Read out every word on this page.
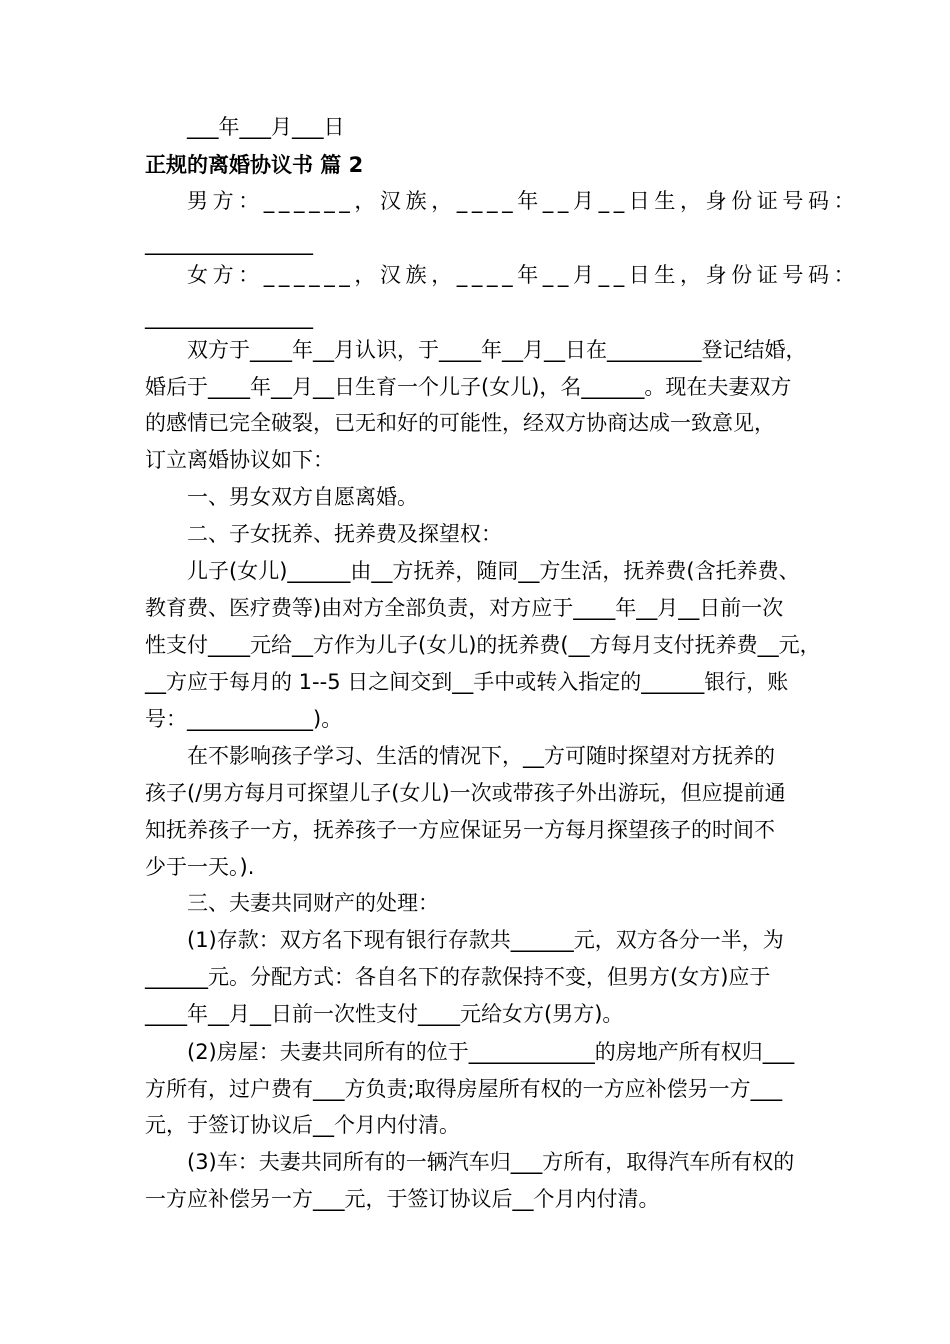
___年___月___日
正规的离婚协议书 篇 2
男方：______，汉族，____年__月__日生，身份证号码：
________________
女方：______，汉族，____年__月__日生，身份证号码：
________________
双方于____年__月认识，于____年__月__日在_________登记结婚，
婚后于____年__月__日生育一个儿子(女儿)，名______。现在夫妻双方
的感情已完全破裂，已无和好的可能性，经双方协商达成一致意见，
订立离婚协议如下：
一、男女双方自愿离婚。
二、子女抚养、抚养费及探望权：
儿子(女儿)______由__方抚养，随同__方生活，抚养费(含托养费、
教育费、医疗费等)由对方全部负责，对方应于____年__月__日前一次
性支付____元给__方作为儿子(女儿)的抚养费(__方每月支付抚养费__元，
__方应于每月的 1--5 日之间交到__手中或转入指定的______银行，账
号：____________)。
在不影响孩子学习、生活的情况下，__方可随时探望对方抚养的
孩子(/男方每月可探望儿子(女儿)一次或带孩子外出游玩，但应提前通
知抚养孩子一方，抚养孩子一方应保证另一方每月探望孩子的时间不
少于一天。).
三、夫妻共同财产的处理：
(1)存款：双方名下现有银行存款共______元，双方各分一半，为
______元。分配方式：各自名下的存款保持不变，但男方(女方)应于
____年__月__日前一次性支付____元给女方(男方)。
(2)房屋：夫妻共同所有的位于____________的房地产所有权归___
方所有，过户费有___方负责;取得房屋所有权的一方应补偿另一方___
元，于签订协议后__个月内付清。
(3)车：夫妻共同所有的一辆汽车归___方所有，取得汽车所有权的
一方应补偿另一方___元，于签订协议后__个月内付清。
